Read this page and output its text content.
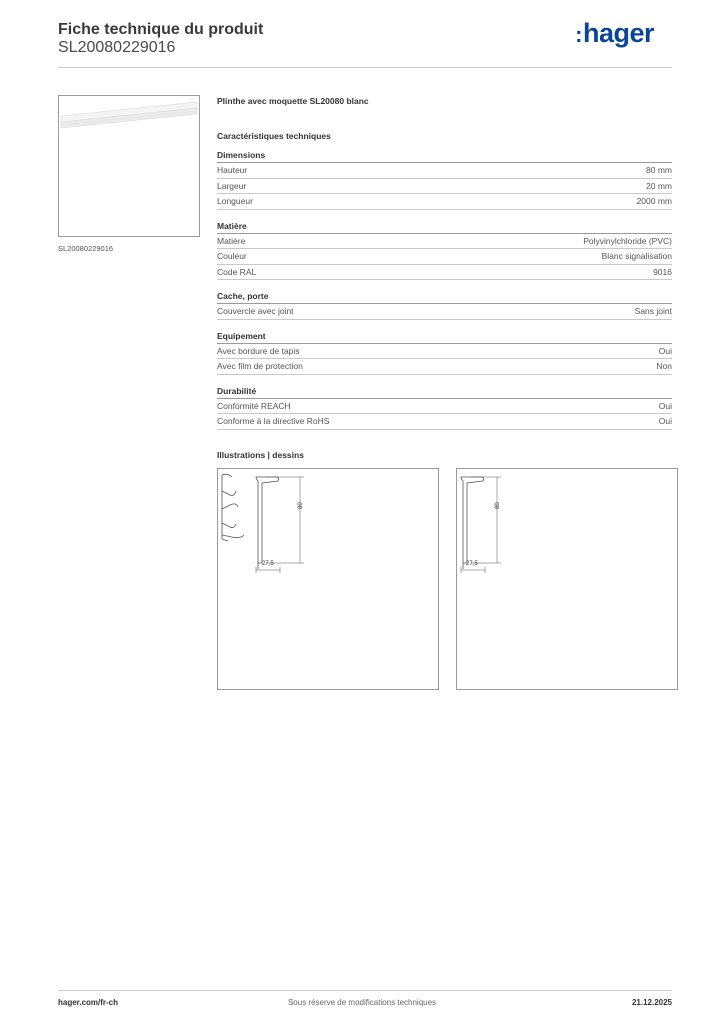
Fiche technique du produit
SL20080229016
:hager
SL20080229016
Plinthe avec moquette SL20080 blanc
Caractéristiques techniques
Dimensions
Hauteur	80 mm
Largeur	20 mm
Longueur	2000 mm
Matière
Matière	Polyvinylchloride (PVC)
Couleur	Blanc signalisation
Code RAL	9016
Cache, porte
Couvercle avec joint	Sans joint
Equipement
Avec bordure de tapis	Oui
Avec film de protection	Non
Durabilité
Conformité REACH	Oui
Conforme à la directive RoHS	Oui
Illustrations | dessins
80
27,5
80
27,5
hager.com/fr-ch	Sous réserve de modifications techniques	21.12.2025
